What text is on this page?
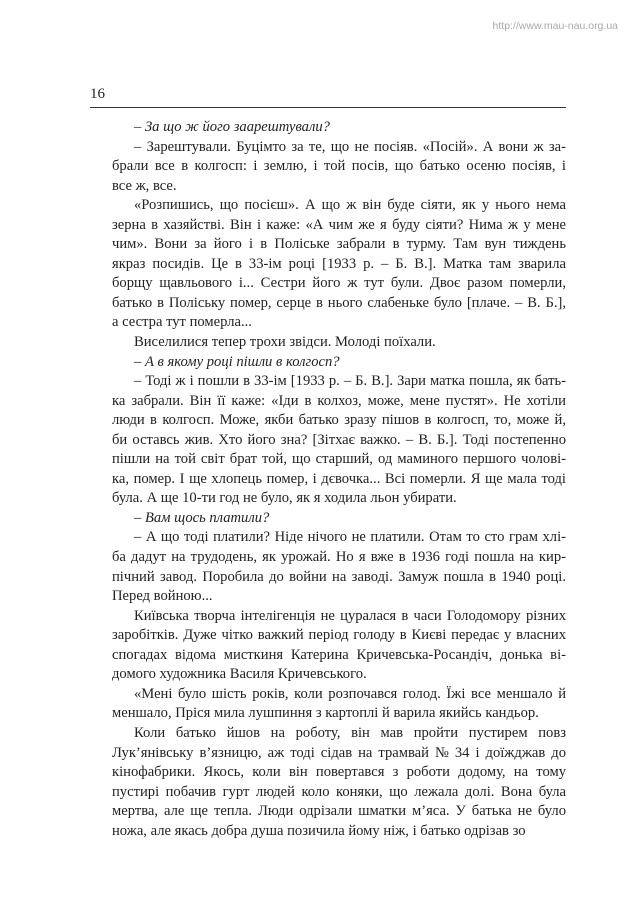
http://www.mau-nau.org.ua
16

– За що ж його заарештували?

– Зарештували. Буцімто за те, що не посіяв. «Посій». А вони ж за-
брали все в колгосп: і землю, і той посів, що батько осеню посіяв, і
все ж, все.

«Розпишись, що посієш». А що ж він буде сіяти, як у нього нема
зерна в хазяйстві. Він і каже: «А чим же я буду сіяти? Нима ж у мене
чим». Вони за його і в Поліське забрали в турму. Там вун тиждень
якраз посидів. Це в 33-ім році [1933 р. – Б. В.]. Матка там зварила
борщу щавльового і... Сестри його ж тут були. Двоє разом померли,
батько в Поліську помер, серце в нього слабеньке було [плаче. – В. Б.],
а сестра тут померла...

Виселилися тепер трохи звідси. Молоді поїхали.

– А в якому році пішли в колгосп?

– Тоді ж і пошли в 33-ім [1933 р. – Б. В.]. Зари матка пошла, як бать-
ка забрали. Він її каже: «Іди в колхоз, може, мене пустят». Не хотіли
люди в колгосп. Може, якби батько зразу пішов в колгосп, то, може й,
би оставсь жив. Хто його зна? [Зітхає важко. – В. Б.]. Тоді постепенно
пішли на той світ брат той, що старший, од маминого першого чолові-
ка, помер. І ще хлопець помер, і дєвочка... Всі померли. Я ще мала тоді
була. А ще 10-ти год не було, як я ходила льон убирати.

– Вам щось платили?

– А що тоді платили? Ніде нічого не платили. Отам то сто грам хлі-
ба дадут на трудодень, як урожай. Но я вже в 1936 годі пошла на кир-
пічний завод. Поробила до войни на заводі. Замуж пошла в 1940 році.
Перед войною...

Київська творча інтелігенція не цуралася в часи Голодомору різних
заробітків. Дуже чітко важкий період голоду в Києві передає у власних
спогадах відома мисткиня Катерина Кричевська-Росандіч, донька ві-
домого художника Василя Кричевського.

«Мені було шість років, коли розпочався голод. Їжі все меншало й
меншало, Пріся мила лушпиння з картоплі й варила якийсь кандьор.

Коли батько йшов на роботу, він мав пройти пустирем повз
Лук’янівську в’язницю, аж тоді сідав на трамвай № 34 і доїжджав до
кінофабрики. Якось, коли він повертався з роботи додому, на тому
пустирі побачив гурт людей коло коняки, що лежала долі. Вона була
мертва, але ще тепла. Люди одрізали шматки м’яса. У батька не було
ножа, але якась добра душа позичила йому ніж, і батько одрізав зо
